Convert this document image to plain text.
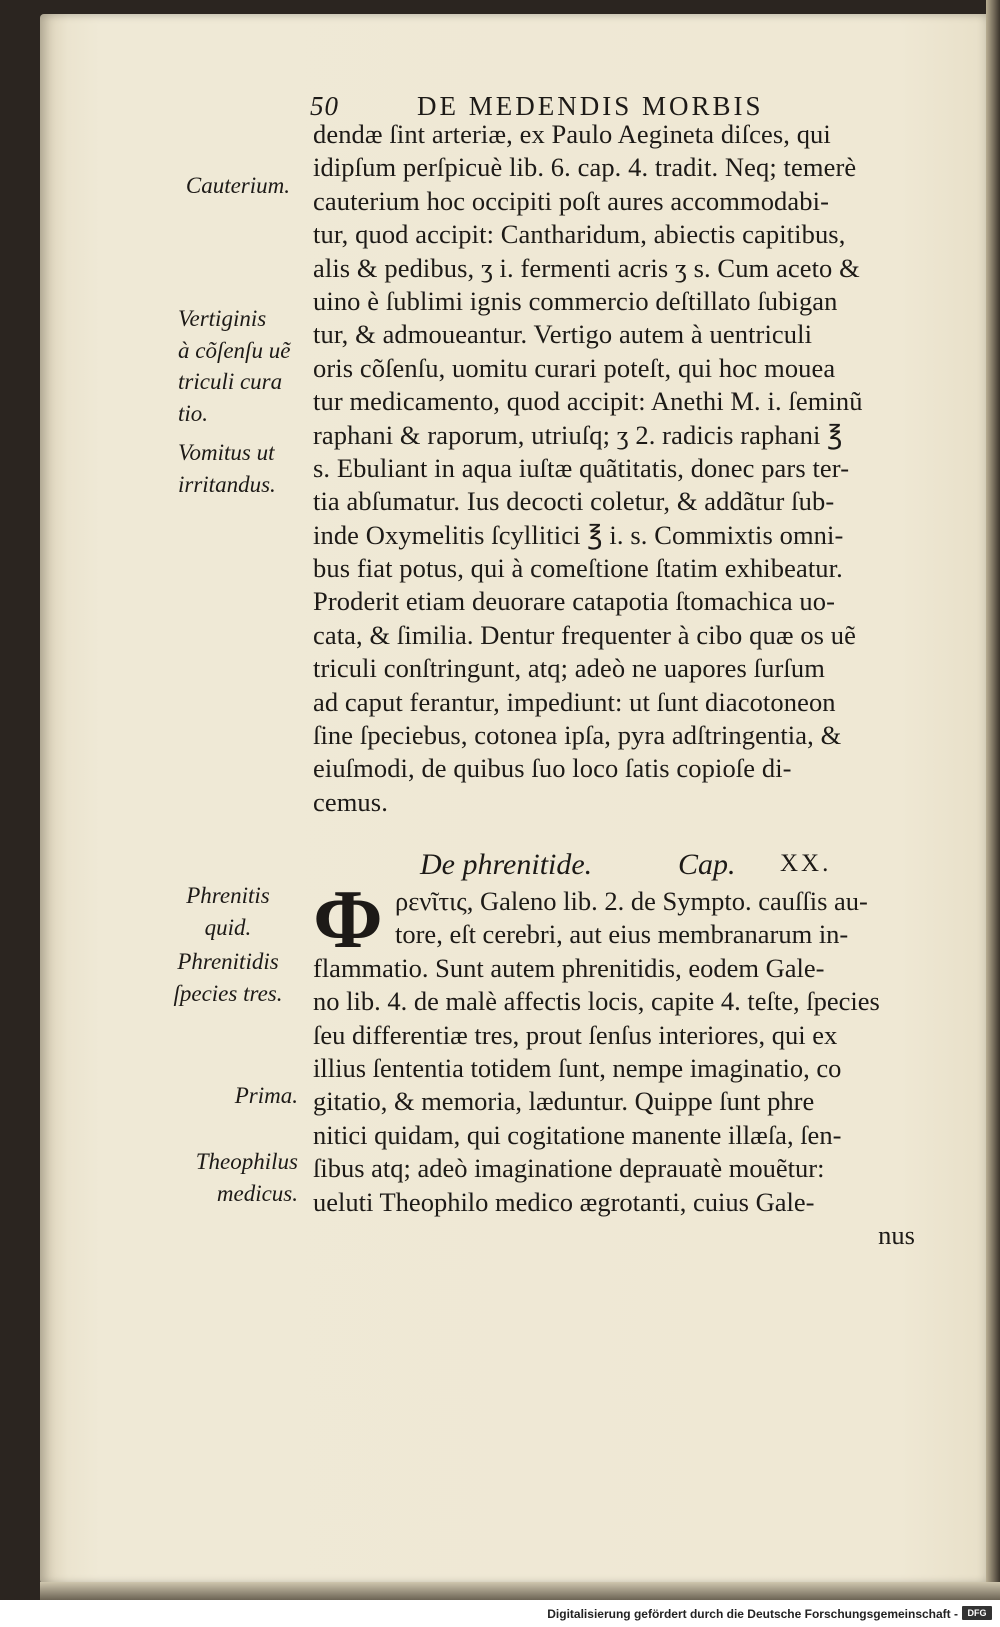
50	DE MEDENDIS MORBIS
dendæ ſint arteriæ, ex Paulo Aegineta diſces, qui
idipſum perſpicuè lib. 6. cap. 4. tradit. Neq; temerè
cauterium hoc occipiti poſt aures accommodabi-
tur, quod accipit: Cantharidum, abiectis capitibus,
alis & pedibus, ʒ i. fermenti acris ʒ s. Cum aceto &
uino è ſublimi ignis commercio deſtillato ſubigan
tur, & admoueantur. Vertigo autem à uentriculi
oris cõſenſu, uomitu curari poteſt, qui hoc mouea
tur medicamento, quod accipit: Anethi M. i. ſeminũ
raphani & raporum, utriuſq; ʒ 2. radicis raphani ℥
s. Ebuliant in aqua iuſtæ quãtitatis, donec pars ter-
tia abſumatur. Ius decocti coletur, & addãtur ſub-
inde Oxymelitis ſcyllitici ℥ i. s. Commixtis omni-
bus fiat potus, qui à comeſtione ſtatim exhibeatur.
Proderit etiam deuorare catapotia ſtomachica uo-
cata, & ſimilia. Dentur frequenter à cibo quæ os uẽ
triculi conſtringunt, atq; adeò ne uapores ſurſum
ad caput ferantur, impediunt: ut ſunt diacotoneon
ſine ſpeciebus, cotonea ipſa, pyra adſtringentia, &
eiuſmodi, de quibus ſuo loco ſatis copioſe di-
cemus.
De phrenitide.	Cap. XX.
Φ ρενῖτις, Galeno lib. 2. de Sympto. cauſſis au-
tore, eſt cerebri, aut eius membranarum in-
flammatio. Sunt autem phrenitidis, eodem Gale-
no lib. 4. de malè affectis locis, capite 4. teſte, ſpecies
ſeu differentiæ tres, prout ſenſus interiores, qui ex
illius ſententia totidem ſunt, nempe imaginatio, co
gitatio, & memoria, læduntur. Quippe ſunt phre
nitici quidam, qui cogitatione manente illæſa, ſen-
ſibus atq; adeò imaginatione deprauatè mouẽtur:
ueluti Theophilo medico ægrotanti, cuius Gale-
nus
Cauterium.
Vertiginis
à cõſenſu uẽ
triculi cura
tio.
Vomitus ut
irritandus.
Phrenitis
quid.
Phrenitidis
ſpecies tres.
Prima.
Theophilus
medicus.
Digitalisierung gefördert durch die Deutsche Forschungsgemeinschaft -	DFG
